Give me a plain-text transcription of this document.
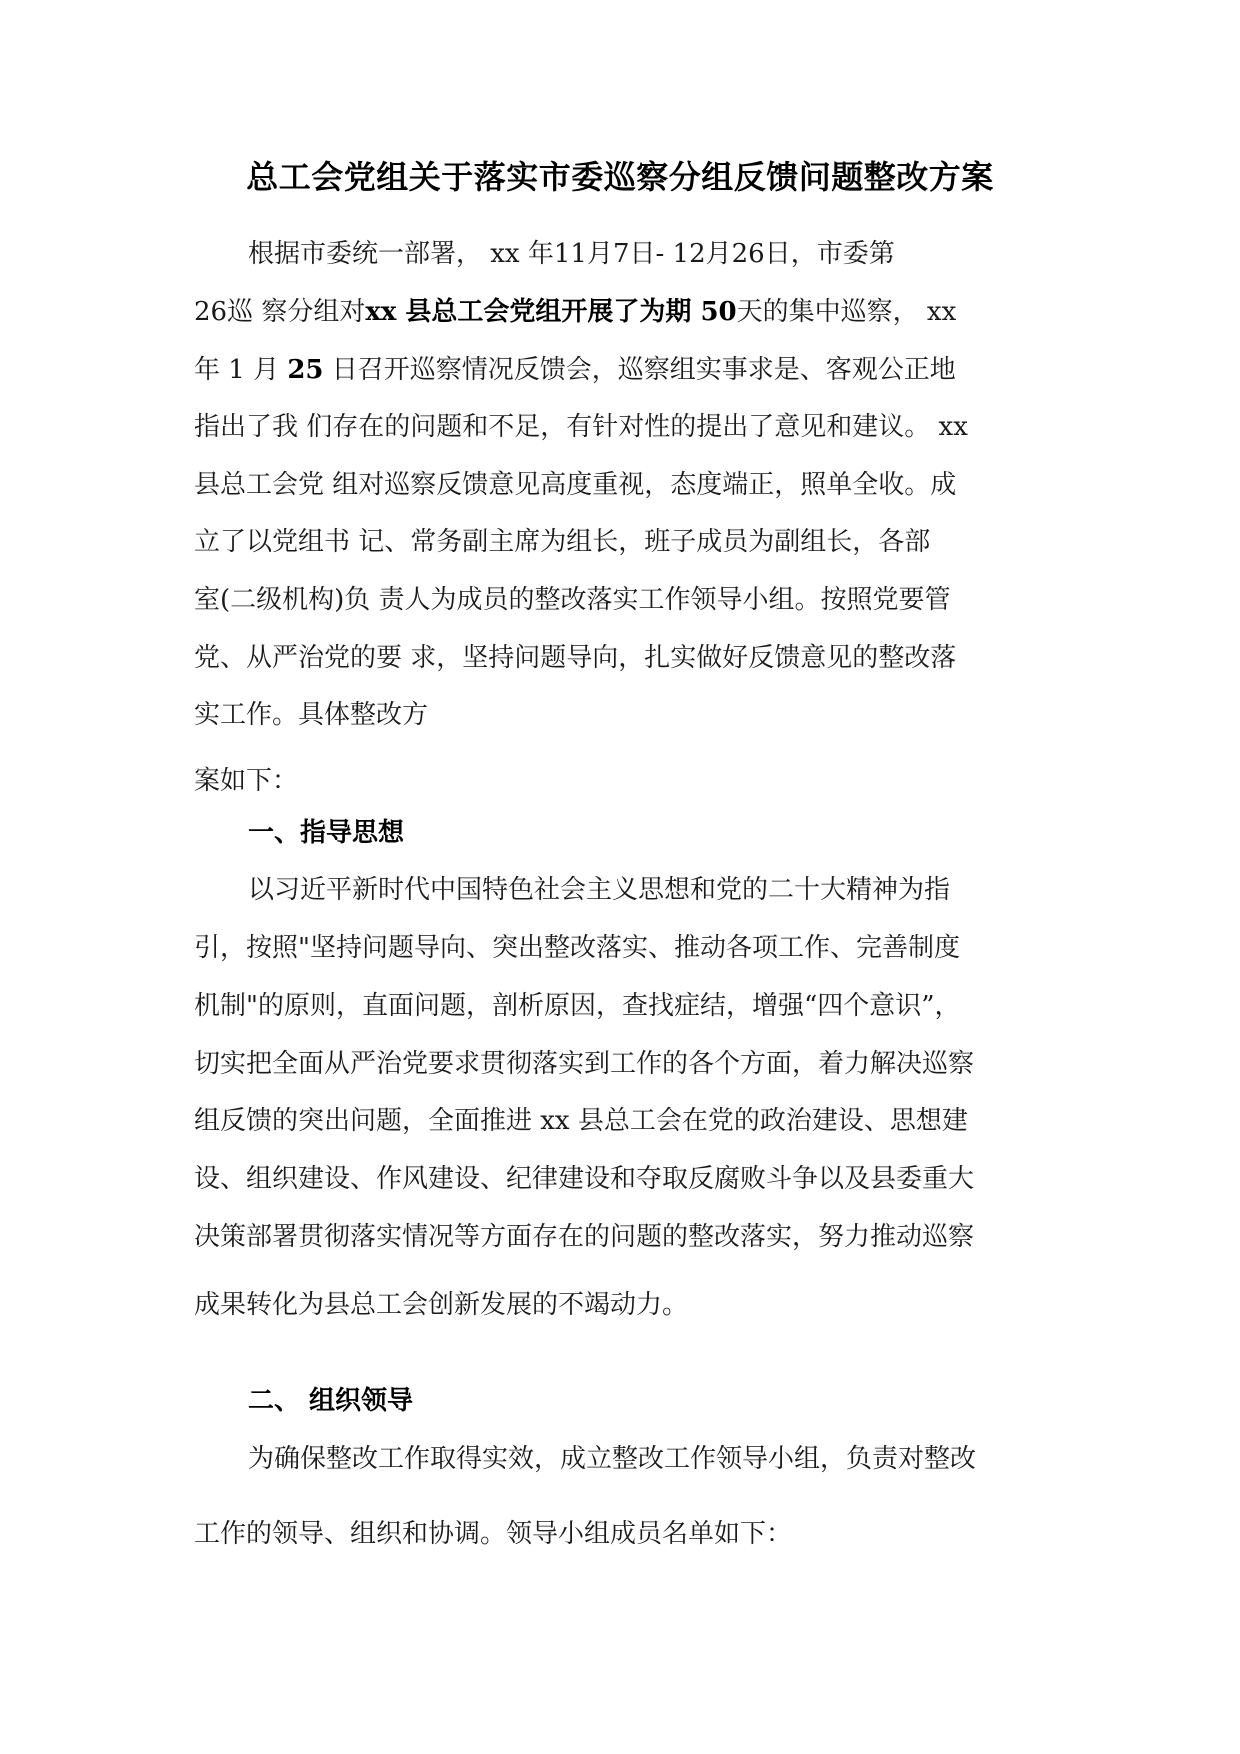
总工会党组关于落实市委巡察分组反馈问题整改方案
根据市委统一部署， xx 年11月7日- 12月26日，市委第
26巡 察分组对xx 县总工会党组开展了为期 50天的集中巡察， xx
年 1 月 25 日召开巡察情况反馈会，巡察组实事求是、客观公正地
指出了我 们存在的问题和不足，有针对性的提出了意见和建议。 xx
县总工会党 组对巡察反馈意见高度重视，态度端正，照单全收。成
立了以党组书 记、常务副主席为组长，班子成员为副组长，各部
室(二级机构)负 责人为成员的整改落实工作领导小组。按照党要管
党、从严治党的要 求，坚持问题导向，扎实做好反馈意见的整改落
实工作。具体整改方
案如下：
一、指导思想
以习近平新时代中国特色社会主义思想和党的二十大精神为指
引，按照"坚持问题导向、突出整改落实、推动各项工作、完善制度
机制"的原则，直面问题，剖析原因，查找症结，增强“四个意识”，
切实把全面从严治党要求贯彻落实到工作的各个方面，着力解决巡察
组反馈的突出问题，全面推进 xx 县总工会在党的政治建设、思想建
设、组织建设、作风建设、纪律建设和夺取反腐败斗争以及县委重大
决策部署贯彻落实情况等方面存在的问题的整改落实，努力推动巡察
成果转化为县总工会创新发展的不竭动力。
二、 组织领导
为确保整改工作取得实效，成立整改工作领导小组，负责对整改
工作的领导、组织和协调。领导小组成员名单如下：
